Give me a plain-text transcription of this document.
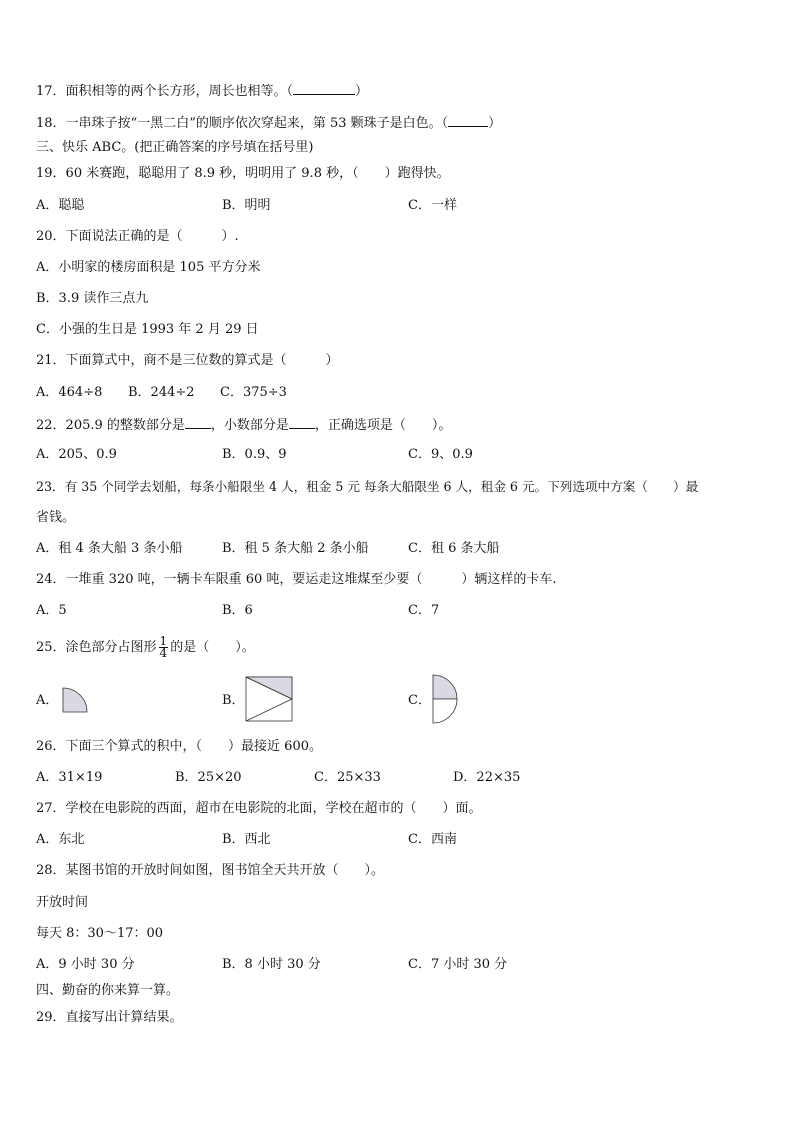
17．面积相等的两个长方形，周长也相等。（	）
18．一串珠子按“一黑二白”的顺序依次穿起来，第 53 颗珠子是白色。（	）
三、快乐 ABC。(把正确答案的序号填在括号里)
19．60 米赛跑，聪聪用了 8.9 秒，明明用了 9.8 秒，（　　）跑得快。
A．聪聪	B．明明	C．一样
20．下面说法正确的是（　　　）.
A．小明家的楼房面积是 105 平方分米
B．3.9 读作三点九
C．小强的生日是 1993 年 2 月 29 日
21．下面算式中，商不是三位数的算式是（　　　）
A．464÷8 B．244÷2 C．375÷3
22．205.9 的整数部分是 ，小数部分是 ，正确选项是（　　）。
A．205、0.9	B．0.9、9	C．9、0.9
23．有 35 个同学去划船，每条小船限坐 4 人，租金 5 元 每条大船限坐 6 人，租金 6 元。下列选项中方案（　　）最
省钱。
A．租 4 条大船 3 条小船	B．租 5 条大船 2 条小船	C．租 6 条大船
24．一堆重 320 吨，一辆卡车限重 60 吨，要运走这堆煤至少要（　　　）辆这样的卡车.
A．5	B．6	C．7
25．涂色部分占图形 $\frac{1}{4}$ 的是（　　）。
A．	B．	C．
26．下面三个算式的积中，（　　）最接近 600。
A．31×19	B．25×20	C．25×33	D．22×35
27．学校在电影院的西面，超市在电影院的北面，学校在超市的（　　）面。
A．东北	B．西北	C．西南
28．某图书馆的开放时间如图，图书馆全天共开放（　　）。
开放时间
每天 8：30～17：00
A．9 小时 30 分	B．8 小时 30 分	C．7 小时 30 分
四、勤奋的你来算一算。
29．直接写出计算结果。
